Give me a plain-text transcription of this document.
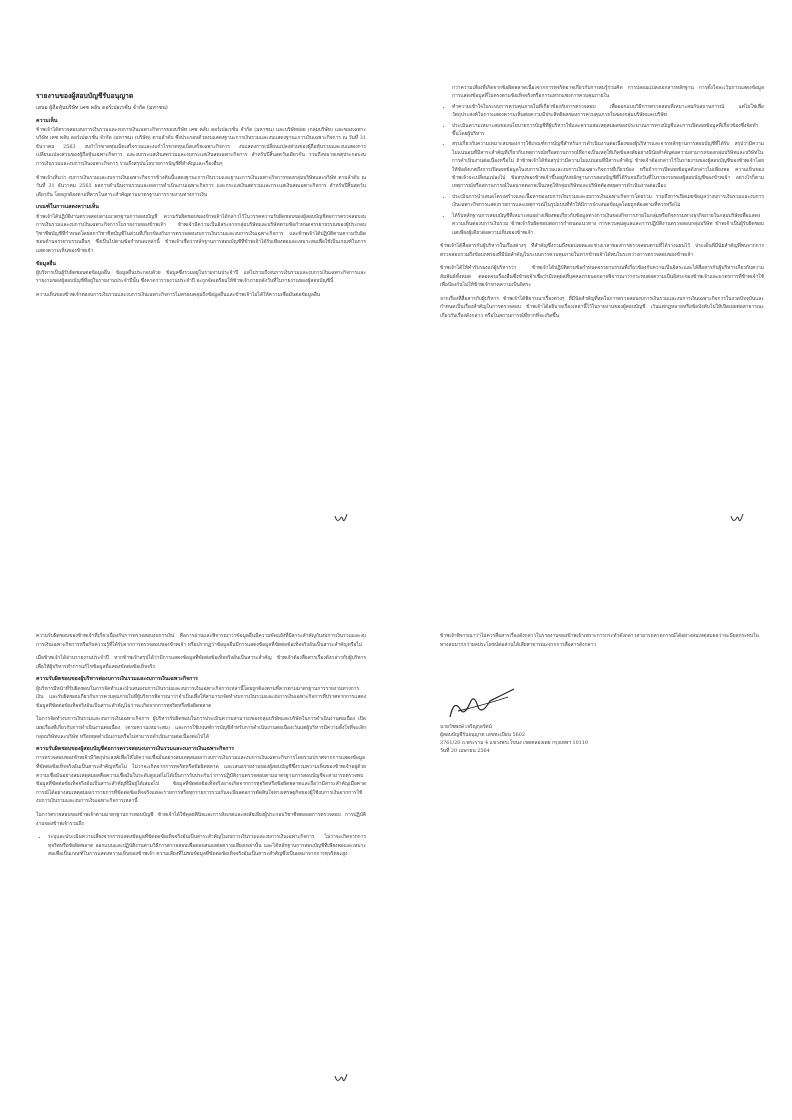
รายงานของผู้สอบบัญชีรับอนุญาต
เสนอ ผู้ถือหุ้นบริษัท เคซ คลับ ดอร์เปอเรชั่น จำกัด (มหาชน)
ความเห็น

ข้าพเจ้าได้ตรวจสอบงบการเงินรวมและงบการเงินเฉพาะกิจการของบริษัท เคซ คลับ ดอร์เปอเรชั่น จำกัด (มหาชน) และบริษัทย่อย (กลุ่มบริษัท) และของเฉพาะบริษัท เคซ คลับ ดอร์เปอเรชั่น จำกัด (มหาชน) (บริษัท) ตามลำดับ ซึ่งประกอบด้วยงบแสดงฐานะการเงินรวมและงบแสดงฐานะการเงินเฉพาะกิจการ ณ วันที่ 31 ธันวาคม 2563 งบกำไรขาดทุนเบ็ดเสร็จรวมและงบกำไรขาดทุนเบ็ดเสร็จเฉพาะกิจการ งบแสดงการเปลี่ยนแปลงส่วนของผู้ถือหุ้นรวมและงบแสดงการเปลี่ยนแปลงส่วนของผู้ถือหุ้นเฉพาะกิจการ และงบกระแสเงินสดรวมและงบกระแสเงินสดเฉพาะกิจการ สำหรับปีสิ้นสุดวันเดียวกัน รวมถึงหมายเหตุประกอบงบการเงินรวมและงบการเงินเฉพาะกิจการ รวมถึงสรุปนโยบายการบัญชีที่สำคัญและเรื่องอื่นๆ

ข้าพเจ้าเห็นว่า งบการเงินรวมและงบการเงินเฉพาะกิจการข้างต้นนี้แสดงฐานะการเงินรวมและฐานะการเงินเฉพาะกิจการของกลุ่มบริษัทและบริษัท ตามลำดับ ณ วันที่ 31 ธันวาคม 2563 ผลการดำเนินงานรวมและผลการดำเนินงานเฉพาะกิจการ และกระแสเงินสดรวมและกระแสเงินสดเฉพาะกิจการ สำหรับปีสิ้นสุดวันเดียวกัน โดยถูกต้องตามที่ควรในสาระสำคัญตามมาตรฐานการรายงานทางการเงิน

เกณฑ์ในการแสดงความเห็น

ข้าพเจ้าได้ปฏิบัติงานตรวจสอบตามมาตรฐานการสอบบัญชี ความรับผิดชอบของข้าพเจ้าได้กล่าวไว้ในวรรคความรับผิดชอบของผู้สอบบัญชีต่อการตรวจสอบงบการเงินรวมและงบการเงินเฉพาะกิจการในรายงานของข้าพเจ้า ข้าพเจ้ามีความเป็นอิสระจากกลุ่มบริษัทและบริษัทตามข้อกำหนดจรรยาบรรณของผู้ประกอบวิชาชีพบัญชีที่กำหนดโดยสภาวิชาชีพบัญชีในส่วนที่เกี่ยวข้องกับการตรวจสอบงบการเงินรวมและงบการเงินเฉพาะกิจการ และข้าพเจ้าได้ปฏิบัติตามความรับผิดชอบด้านจรรยาบรรณอื่นๆ ซึ่งเป็นไปตามข้อกำหนดเหล่านี้ ข้าพเจ้าเชื่อว่าหลักฐานการสอบบัญชีที่ข้าพเจ้าได้รับเพียงพอและเหมาะสมเพื่อใช้เป็นเกณฑ์ในการแสดงความเห็นของข้าพเจ้า

ข้อมูลอื่น

ผู้บริหารเป็นผู้รับผิดชอบต่อข้อมูลอื่น ข้อมูลอื่นประกอบด้วย ข้อมูลซึ่งรวมอยู่ในรายงานประจำปี แต่ไม่รวมถึงงบการเงินรวมและงบการเงินเฉพาะกิจการและรายงานของผู้สอบบัญชีที่อยู่ในรายงานประจำปีนั้น ซึ่งคาดว่ารายงานประจำปี จะถูกจัดเตรียมให้ข้าพเจ้าภายหลังวันที่ในรายงานของผู้สอบบัญชีนี้

ความเห็นของข้าพเจ้าต่องบการเงินรวมและงบการเงินเฉพาะกิจการไม่ครอบคลุมถึงข้อมูลอื่นและข้าพเจ้าไม่ได้ให้ความเชื่อมั่นต่อข้อมูลอื่น

กว่าความเสี่ยงที่เกิดจากข้อผิดพลาดเนื่องจากการทุจริตอาจเกี่ยวกับการสมรู้ร่วมคิด การปลอมแปลงเอกสารหลักฐาน การตั้งใจละเว้นการแสดงข้อมูล การแสดงข้อมูลที่ไม่ตรงตามข้อเท็จจริงหรือการแทรกแซงการควบคุมภายใน
• ทำความเข้าใจในระบบการควบคุมภายในที่เกี่ยวข้องกับการตรวจสอบ เพื่อออกแบบวิธีการตรวจสอบที่เหมาะสมกับสถานการณ์ แต่ไม่ใช่เพื่อวัตถุประสงค์ในการแสดงความเห็นต่อความมีประสิทธิผลของการควบคุมภายในของกลุ่มบริษัทและบริษัท
• ประเมินความเหมาะสมของนโยบายการบัญชีที่ผู้บริหารใช้และความสมเหตุสมผลของประมาณการทางบัญชีและการเปิดเผยข้อมูลที่เกี่ยวข้องซึ่งจัดทำขึ้นโดยผู้บริหาร
• สรุปเกี่ยวกับความเหมาะสมของการใช้เกณฑ์การบัญชีสำหรับการดำเนินงานต่อเนื่องของผู้บริหารและจากหลักฐานการสอบบัญชีที่ได้รับ สรุปว่ามีความไม่แน่นอนที่มีสาระสำคัญที่เกี่ยวกับเหตุการณ์หรือสถานการณ์ที่อาจเป็นเหตุให้เกิดข้อสงสัยอย่างมีนัยสำคัญต่อความสามารถของกลุ่มบริษัทและบริษัทในการดำเนินงานต่อเนื่องหรือไม่ ถ้าข้าพเจ้าได้ข้อสรุปว่ามีความไม่แน่นอนที่มีสาระสำคัญ ข้าพเจ้าต้องกล่าวไว้ในรายงานของผู้สอบบัญชีของข้าพเจ้าโดยให้ข้อสังเกตถึงการเปิดเผยข้อมูลในงบการเงินรวมและงบการเงินเฉพาะกิจการที่เกี่ยวข้อง หรือถ้าการเปิดเผยข้อมูลดังกล่าวไม่เพียงพอ ความเห็นของข้าพเจ้าจะเปลี่ยนแปลงไป ข้อสรุปของข้าพเจ้าขึ้นอยู่กับหลักฐานการสอบบัญชีที่ได้รับจนถึงวันที่ในรายงานของผู้สอบบัญชีของข้าพเจ้า อย่างไรก็ตาม เหตุการณ์หรือสถานการณ์ในอนาคตอาจเป็นเหตุให้กลุ่มบริษัทและบริษัทต้องหยุดการดำเนินงานต่อเนื่อง
• ประเมินการนำเสนอโครงสร้างและเนื้อหาของงบการเงินรวมและงบการเงินเฉพาะกิจการโดยรวม รวมถึงการเปิดเผยข้อมูลว่างบการเงินรวมและงบการเงินเฉพาะกิจการแสดงรายการและเหตุการณ์ในรูปแบบที่ทำให้มีการนำเสนอข้อมูลโดยถูกต้องตามที่ควรหรือไม่
• ได้รับหลักฐานการสอบบัญชีที่เหมาะสมอย่างเพียงพอเกี่ยวกับข้อมูลทางการเงินของกิจการภายในกลุ่มหรือกิจกรรมทางธุรกิจภายในกลุ่มบริษัทเพื่อแสดงความเห็นต่องบการเงินรวม ข้าพเจ้ารับผิดชอบต่อการกำหนดแนวทาง การควบคุมดูแลและการปฏิบัติงานตรวจสอบกลุ่มบริษัท ข้าพเจ้าเป็นผู้รับผิดชอบแต่เพียงผู้เดียวต่อความเห็นของข้าพเจ้า

ข้าพเจ้าได้สื่อสารกับผู้บริหารในเรื่องต่างๆ ที่สำคัญซึ่งรวมถึงขอบเขตและช่วงเวลาของการตรวจสอบตามที่ได้วางแผนไว้ ประเด็นที่มีนัยสำคัญที่พบจากการตรวจสอบรวมถึงข้อบกพร่องที่มีนัยสำคัญในระบบการควบคุมภายในหากข้าพเจ้าได้พบในระหว่างการตรวจสอบของข้าพเจ้า

ข้าพเจ้าได้ให้คำรับรองแก่ผู้บริหารว่า ข้าพเจ้าได้ปฏิบัติตามข้อกำหนดจรรยาบรรณที่เกี่ยวข้องกับความเป็นอิสระและได้สื่อสารกับผู้บริหารเกี่ยวกับความสัมพันธ์ทั้งหมด ตลอดจนเรื่องอื่นซึ่งข้าพเจ้าเชื่อว่ามีเหตุผลที่บุคคลภายนอกอาจพิจารณาว่ากระทบต่อความเป็นอิสระของข้าพเจ้าและมาตรการที่ข้าพเจ้าใช้เพื่อป้องกันไม่ให้ข้าพเจ้าขาดความเป็นอิสระ

จากเรื่องที่สื่อสารกับผู้บริหาร ข้าพเจ้าได้พิจารณาเรื่องต่างๆ ที่มีนัยสำคัญที่สุดในการตรวจสอบงบการเงินรวมและงบการเงินเฉพาะกิจการในงวดปัจจุบันและกำหนดเป็นเรื่องสำคัญในการตรวจสอบ ข้าพเจ้าได้อธิบายเรื่องเหล่านี้ไว้ในรายงานของผู้สอบบัญชี เว้นแต่กฎหมายหรือข้อบังคับไม่ให้เปิดเผยต่อสาธารณะเกี่ยวกับเรื่องดังกล่าว หรือในสถานการณ์ที่ยากที่จะเกิดขึ้น

ความรับผิดชอบของข้าพเจ้าที่เกี่ยวเนื่องกับการตรวจสอบงบการเงิน คือการอ่านและพิจารณาว่าข้อมูลอื่นมีความขัดแย้งที่มีสาระสำคัญกับงบการเงินรวมและงบการเงินเฉพาะกิจการหรือกับความรู้ที่ได้รับจากการตรวจสอบของข้าพเจ้า หรือปรากฏว่าข้อมูลอื่นมีการแสดงข้อมูลที่ขัดต่อข้อเท็จจริงอันเป็นสาระสำคัญหรือไม่

เมื่อข้าพเจ้าได้อ่านรายงานประจำปี หากข้าพเจ้าสรุปได้ว่ามีการแสดงข้อมูลที่ขัดต่อข้อเท็จจริงอันเป็นสาระสำคัญ ข้าพเจ้าต้องสื่อสารเรื่องดังกล่าวกับผู้บริหารเพื่อให้ผู้บริหารทำการแก้ไขข้อมูลที่แสดงขัดต่อข้อเท็จจริง

ความรับผิดชอบของผู้บริหารต่องบการเงินรวมและงบการเงินเฉพาะกิจการ

ผู้บริหารมีหน้าที่รับผิดชอบในการจัดทำและนำเสนองบการเงินรวมและงบการเงินเฉพาะกิจการเหล่านี้โดยถูกต้องตามที่ควรตามมาตรฐานการรายงานทางการเงิน และรับผิดชอบเกี่ยวกับการควบคุมภายในที่ผู้บริหารพิจารณาว่าจำเป็นเพื่อให้สามารถจัดทำงบการเงินรวมและงบการเงินเฉพาะกิจการที่ปราศจากการแสดงข้อมูลที่ขัดต่อข้อเท็จจริงอันเป็นสาระสำคัญไม่ว่าจะเกิดจากการทุจริตหรือข้อผิดพลาด

ในการจัดทำงบการเงินรวมและงบการเงินเฉพาะกิจการ ผู้บริหารรับผิดชอบในการประเมินความสามารถของกลุ่มบริษัทและบริษัทในการดำเนินงานต่อเนื่อง เปิดเผยเรื่องที่เกี่ยวกับการดำเนินงานต่อเนื่อง (ตามความเหมาะสม) และการใช้เกณฑ์การบัญชีสำหรับการดำเนินงานต่อเนื่องเว้นแต่ผู้บริหารมีความตั้งใจที่จะเลิกกลุ่มบริษัทและบริษัท หรือหยุดดำเนินงานหรือไม่สามารถดำเนินงานต่อเนื่องต่อไปได้

ความรับผิดชอบของผู้สอบบัญชีต่อการตรวจสอบงบการเงินรวมและงบการเงินเฉพาะกิจการ

การตรวจสอบของข้าพเจ้ามีวัตถุประสงค์เพื่อให้ได้ความเชื่อมั่นอย่างสมเหตุสมผลว่างบการเงินรวมและงบการเงินเฉพาะกิจการโดยรวมปราศจากการแสดงข้อมูลที่ขัดต่อข้อเท็จจริงอันเป็นสาระสำคัญหรือไม่ ไม่ว่าจะเกิดจากการทุจริตหรือข้อผิดพลาด และเสนอรายงานของผู้สอบบัญชีซึ่งรวมความเห็นของข้าพเจ้าอยู่ด้วย ความเชื่อมั่นอย่างสมเหตุสมผลคือความเชื่อมั่นในระดับสูงแต่ไม่ได้เป็นการรับประกันว่าการปฏิบัติงานตรวจสอบตามมาตรฐานการสอบบัญชีจะสามารถตรวจพบข้อมูลที่ขัดต่อข้อเท็จจริงอันเป็นสาระสำคัญที่มีอยู่ได้เสมอไป ข้อมูลที่ขัดต่อข้อเท็จจริงอาจเกิดจากการทุจริตหรือข้อผิดพลาดและถือว่ามีสาระสำคัญเมื่อคาดการณ์ได้อย่างสมเหตุสมผลว่ารายการที่ขัดต่อข้อเท็จจริงแต่ละรายการหรือทุกรายการรวมกันจะมีผลต่อการตัดสินใจทางเศรษฐกิจของผู้ใช้งบการเงินจากการใช้งบการเงินรวมและงบการเงินเฉพาะกิจการเหล่านี้

ในการตรวจสอบของข้าพเจ้าตามมาตรฐานการสอบบัญชี ข้าพเจ้าได้ใช้ดุลยพินิจและการสังเกตและสงสัยเยี่ยงผู้ประกอบวิชาชีพตลอดการตรวจสอบ การปฏิบัติงานของข้าพเจ้ารวมถึง

• ระบุและประเมินความเสี่ยงจากการแสดงข้อมูลที่ขัดต่อข้อเท็จจริงอันเป็นสาระสำคัญในงบการเงินรวมและงบการเงินเฉพาะกิจการ ไม่ว่าจะเกิดจากการทุจริตหรือข้อผิดพลาด ออกแบบและปฏิบัติงานตามวิธีการตรวจสอบเพื่อตอบสนองต่อความเสี่ยงเหล่านั้น และได้หลักฐานการสอบบัญชีที่เพียงพอและเหมาะสมเพื่อเป็นเกณฑ์ในการแสดงความเห็นของข้าพเจ้า ความเสี่ยงที่ไม่พบข้อมูลที่ขัดต่อข้อเท็จจริงอันเป็นสาระสำคัญซึ่งเป็นผลมาจากการทุจริตจะสูง

ข้าพเจ้าพิจารณาว่าไม่ควรสื่อสารเรื่องดังกล่าวในรายงานของข้าพเจ้าเพราะการกระทำดังกล่าวสามารถคาดการณ์ได้อย่างสมเหตุสมผลว่าจะมีผลกระทบในทางลบมากกว่าผลประโยชน์ต่อส่วนได้เสียสาธารณะจากการสื่อสารดังกล่าว

นายวัชพงษ์ เจริญกุลรัตน์
ผู้สอบบัญชีรับอนุญาต เลขทะเบียน 5602
3761/20 ถ.พระราม 4 แขวงพระโขนง เขตคลองเตย กรุงเทพฯ 10110
วันที่ 20 เมษายน 2564
